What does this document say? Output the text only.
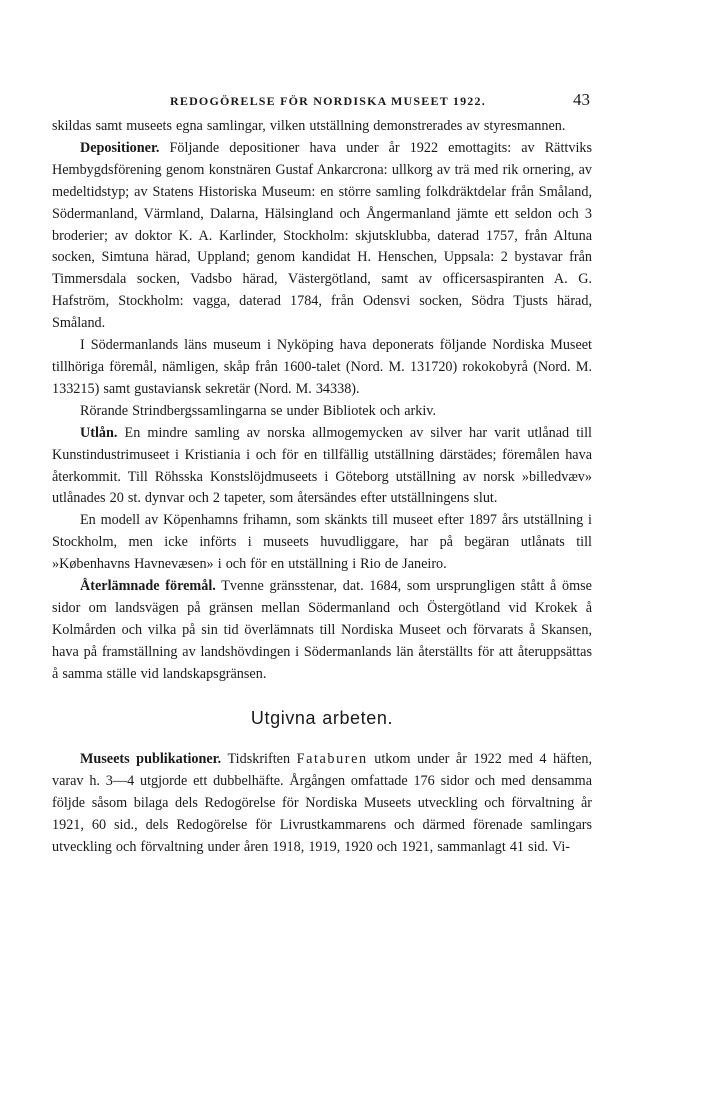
REDOGÖRELSE FÖR NORDISKA MUSEET 1922.	43

skildas samt museets egna samlingar, vilken utställning demonstrerades av styresmannen.

Depositioner. Följande depositioner hava under år 1922 emottagits: av Rättviks Hembygdsförening genom konstnären Gustaf Ankarcrona: ullkorg av trä med rik ornering, av medeltidstyp; av Statens Historiska Museum: en större samling folkdräktdelar från Småland, Södermanland, Värmland, Dalarna, Hälsingland och Ångermanland jämte ett seldon och 3 broderier; av doktor K. A. Karlinder, Stockholm: skjutsklubba, daterad 1757, från Altuna socken, Simtuna härad, Uppland; genom kandidat H. Henschen, Uppsala: 2 bystavar från Timmersdala socken, Vadsbo härad, Västergötland, samt av officersaspiranten A. G. Hafström, Stockholm: vagga, daterad 1784, från Odensvi socken, Södra Tjusts härad, Småland.

I Södermanlands läns museum i Nyköping hava deponerats följande Nordiska Museet tillhöriga föremål, nämligen, skåp från 1600-talet (Nord. M. 131720) rokokobyrå (Nord. M. 133215) samt gustaviansk sekretär (Nord. M. 34338).

Rörande Strindbergssamlingarna se under Bibliotek och arkiv.

Utlån. En mindre samling av norska allmogemycken av silver har varit utlånad till Kunstindustrimuseet i Kristiania i och för en tillfällig utställning därstädes; föremålen hava återkommit. Till Röhsska Konstslöjdmuseets i Göteborg utställning av norsk »billedvæv» utlånades 20 st. dynvar och 2 tapeter, som återsändes efter utställningens slut.

En modell av Köpenhamns frihamn, som skänkts till museet efter 1897 års utställning i Stockholm, men icke införts i museets huvudliggare, har på begäran utlånats till »Københavns Havnevæsen» i och för en utställning i Rio de Janeiro.

Återlämnade föremål. Tvenne gränsstenar, dat. 1684, som ursprungligen stått å ömse sidor om landsvägen på gränsen mellan Södermanland och Östergötland vid Krokek å Kolmården och vilka på sin tid överlämnats till Nordiska Museet och förvarats å Skansen, hava på framställning av landshövdingen i Södermanlands län återställts för att återuppsättas å samma ställe vid landskapsgränsen.

Utgivna arbeten.

Museets publikationer. Tidskriften Fataburen utkom under år 1922 med 4 häften, varav h. 3—4 utgjorde ett dubbelhäfte. Årgången omfattade 176 sidor och med densamma följde såsom bilaga dels Redogörelse för Nordiska Museets utveckling och förvaltning år 1921, 60 sid., dels Redogörelse för Livrustkammarens och därmed förenade samlingars utveckling och förvaltning under åren 1918, 1919, 1920 och 1921, sammanlagt 41 sid. Vi-
